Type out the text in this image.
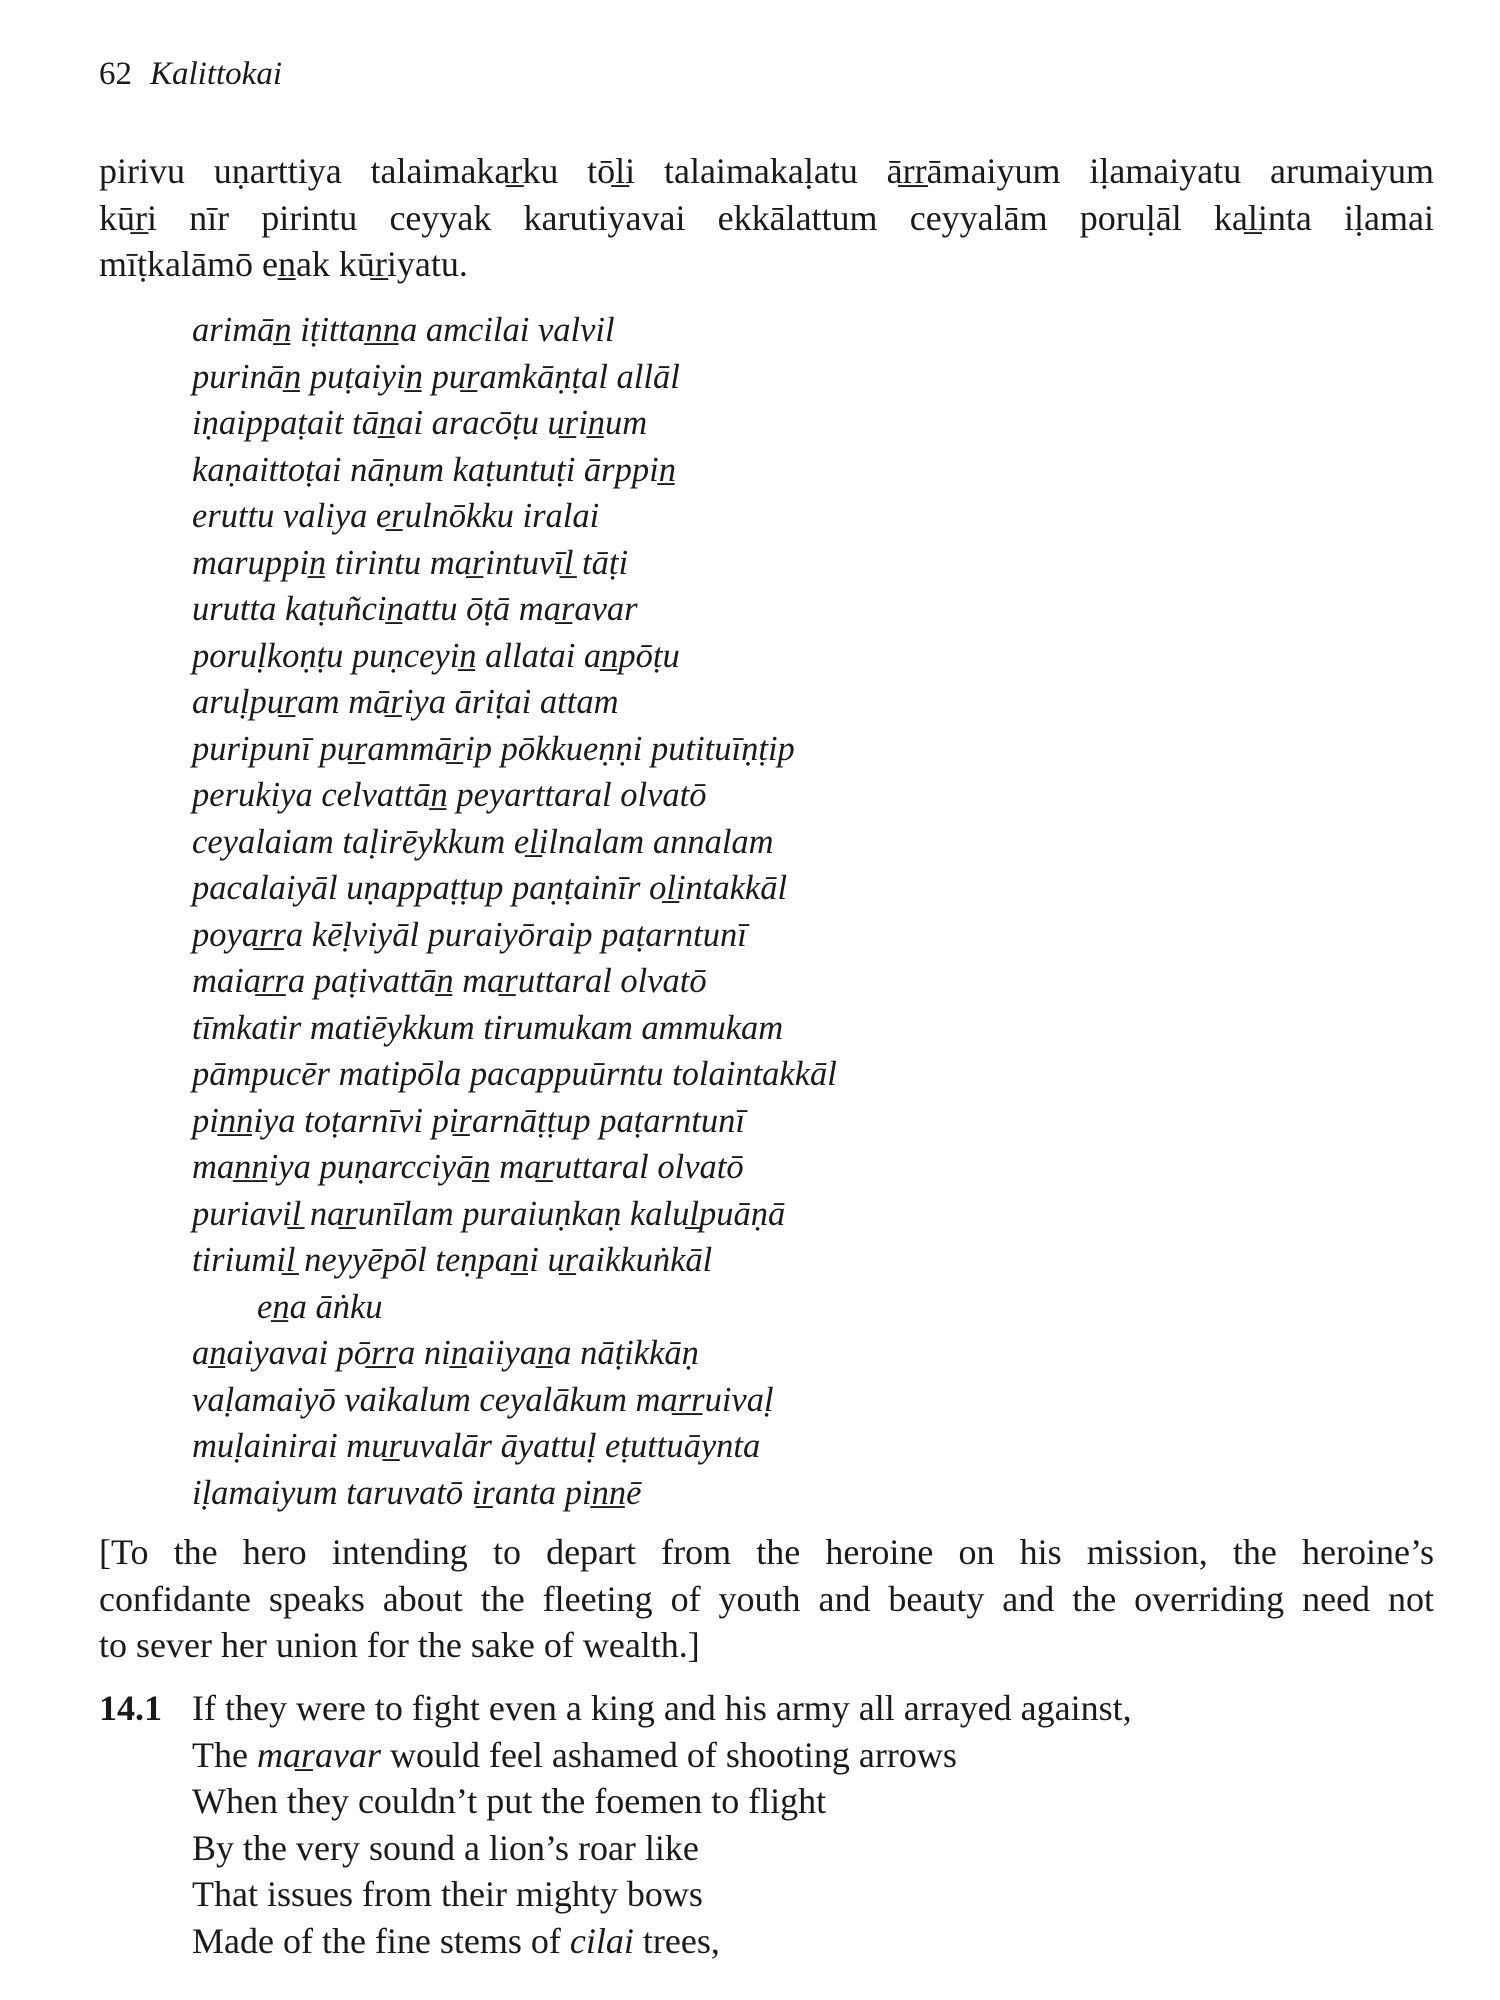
62 Kalittokai

pirivu uṇarttiya talaimakar̲ku tōl̲i talaimakaḷatu ār̲r̲āmaiyum iḷamaiyatu arumaiyum
kūr̲i nīr pirintu ceyyak karutiyavai ekkālattum ceyyalām poruḷāl kal̲inta iḷamai
mīṭkalāmō en̲ak kūr̲iyatu.

arimān̲ iṭittan̲n̲a amcilai valvil
purinān̲ puṭaiyin̲ pur̲amkāṇṭal allāl
iṇaippaṭait tān̲ai aracōṭu ur̲in̲um
kaṇaittoṭai nāṇum kaṭuntuṭi ārppin̲
eruttu valiya er̲ulnōkku iralai
maruppin̲ tirintu mar̲intuvīl̲ tāṭi
urutta kaṭuñcin̲attu ōṭā mar̲avar
poruḷkoṇṭu puṇceyin̲ allatai an̲pōṭu
aruḷpur̲am mār̲iya āriṭai attam
puripunī pur̲ammār̲ip pōkkueṇṇi putituīṇṭip
perukiya celvattān̲ peyarttaral olvatō
ceyalaiam taḷirēykkum el̲ilnalam annalam
pacalaiyāl uṇappaṭṭup paṇṭainīr ol̲intakkāl
poyar̲r̲a kēḷviyāl puraiyōraip paṭarntunī
maiar̲r̲a paṭivattān̲ mar̲uttaral olvatō
tīmkatir matiēykkum tirumukam ammukam
pāmpucēr matipōla pacappuūrntu tolaintakkāl
pin̲n̲iya toṭarnīvi pir̲arnāṭṭup paṭarntunī
man̲n̲iya puṇarcciyān̲ mar̲uttaral olvatō
puriavil̲ nar̲unīlam puraiuṇkaṇ kalul̲puāṇā
tiriumil̲ neyyēpōl teṇpan̲i ur̲aikkuṅkāl
en̲a āṅku
an̲aiyavai pōr̲r̲a nin̲aiiyan̲a nāṭikkāṇ
vaḷamaiyō vaikalum ceyalākum mar̲r̲uivaḷ
muḷainirai mur̲uvalār āyattuḷ eṭuttuāynta
iḷamaiyum taruvatō ir̲anta pin̲n̲ē

[To the hero intending to depart from the heroine on his mission, the heroine’s
confidante speaks about the fleeting of youth and beauty and the overriding need not
to sever her union for the sake of wealth.]

14.1 If they were to fight even a king and his army all arrayed against,
The mar̲avar would feel ashamed of shooting arrows
When they couldn’t put the foemen to flight
By the very sound a lion’s roar like
That issues from their mighty bows
Made of the fine stems of cilai trees,
